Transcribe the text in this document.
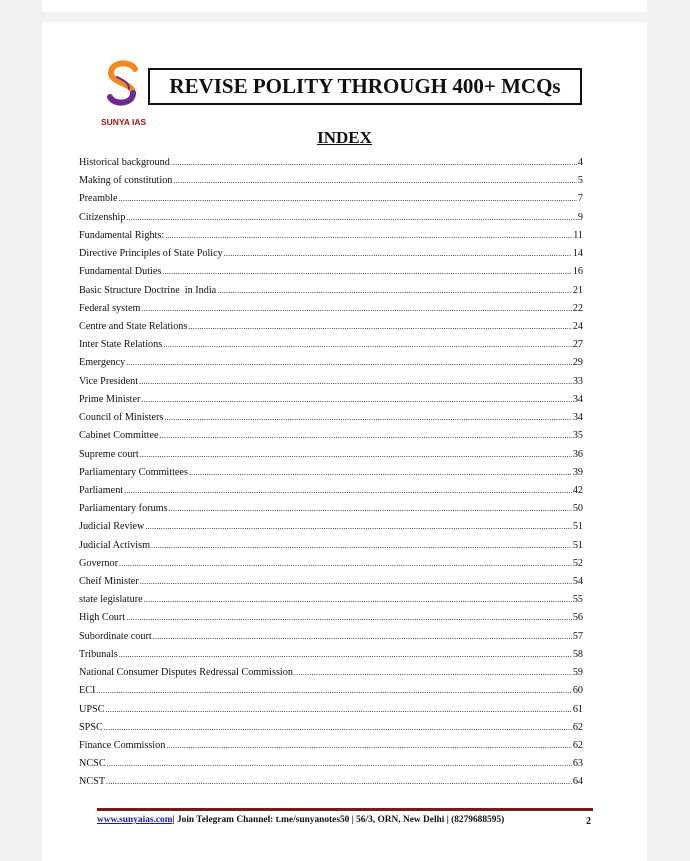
SUNYA IAS
REVISE POLITY THROUGH 400+ MCQs
INDEX
Historical background .....	4
Making of constitution .....	5
Preamble .....	7
Citizenship .....	9
Fundamental Rights: .....	11
Directive Principles of State Policy .....	14
Fundamental Duties .....	16
Basic Structure Doctrine  in India .....	21
Federal system .....	22
Centre and State Relations .....	24
Inter State Relations .....	27
Emergency .....	29
Vice President .....	33
Prime Minister .....	34
Council of Ministers .....	34
Cabinet Committee .....	35
Supreme court .....	36
Parliamentary Committees .....	39
Parliament .....	42
Parliamentary forums .....	50
Judicial Review .....	51
Judicial Activism .....	51
Governor .....	52
Cheif Minister .....	54
state legislature .....	55
High Court .....	56
Subordinate court .....	57
Tribunals .....	58
National Consumer Disputes Redressal Commission .....	59
ECI .....	60
UPSC .....	61
SPSC .....	62
Finance Commission .....	62
NCSC .....	63
NCST .....	64
www.sunyaias.com| Join Telegram Channel: t.me/sunyanotes50 | 56/3, ORN, New Delhi | (8279688595)	2
